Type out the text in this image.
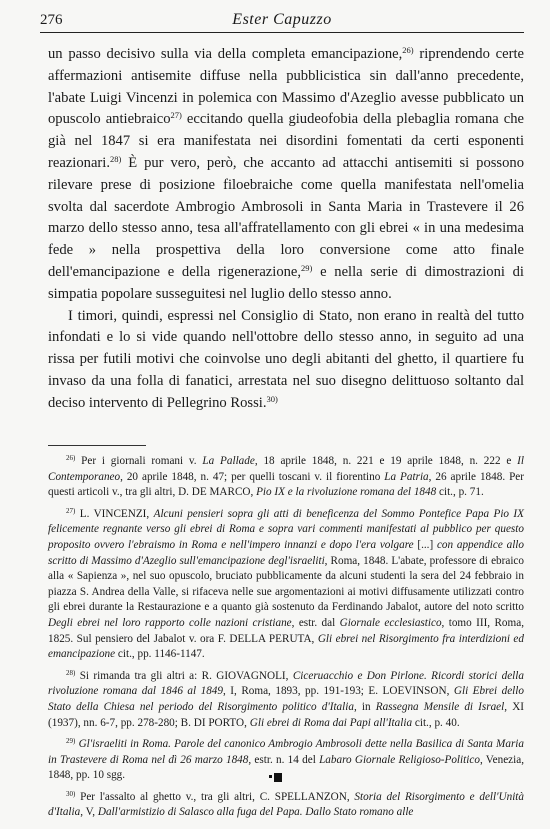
276	Ester Capuzzo

un passo decisivo sulla via della completa emancipazione,$^{26)}$ riprendendo certe affermazioni antisemite diffuse nella pubblicistica sin dall'anno precedente, l'abate Luigi Vincenzi in polemica con Massimo d'Azeglio avesse pubblicato un opuscolo antiebraico$^{27)}$ eccitando quella giudeofobia della plebaglia romana che già nel 1847 si era manifestata nei disordini fomentati da certi esponenti reazionari.$^{28)}$ È pur vero, però, che accanto ad attacchi antisemiti si possono rilevare prese di posizione filoebraiche come quella manifestata nell'omelia svolta dal sacerdote Ambrogio Ambrosoli in Santa Maria in Trastevere il 26 marzo dello stesso anno, tesa all'affratellamento con gli ebrei « in una medesima fede » nella prospettiva della loro conversione come atto finale dell'emancipazione e della rigenerazione,$^{29)}$ e nella serie di dimostrazioni di simpatia popolare susseguitesi nel luglio dello stesso anno.

I timori, quindi, espressi nel Consiglio di Stato, non erano in realtà del tutto infondati e lo si vide quando nell'ottobre dello stesso anno, in seguito ad una rissa per futili motivi che coinvolse uno degli abitanti del ghetto, il quartiere fu invaso da una folla di fanatici, arrestata nel suo disegno delittuoso soltanto dal deciso intervento di Pellegrino Rossi.$^{30)}$

$^{26)}$ Per i giornali romani v. La Pallade, 18 aprile 1848, n. 221 e 19 aprile 1848, n. 222 e Il Contemporaneo, 20 aprile 1848, n. 47; per quelli toscani v. il fiorentino La Patria, 26 aprile 1848. Per questi articoli v., tra gli altri, D. DE MARCO, Pio IX e la rivoluzione romana del 1848 cit., p. 71.

$^{27)}$ L. VINCENZI, Alcuni pensieri sopra gli atti di beneficenza del Sommo Pontefice Papa Pio IX felicemente regnante verso gli ebrei di Roma e sopra vari commenti manifestati al pubblico per questo proposito ovvero l'ebraismo in Roma e nell'impero innanzi e dopo l'era volgare [...] con appendice allo scritto di Massimo d'Azeglio sull'emancipazione degl'israeliti, Roma, 1848. L'abate, professore di ebraico alla « Sapienza », nel suo opuscolo, bruciato pubblicamente da alcuni studenti la sera del 24 febbraio in piazza S. Andrea della Valle, si rifaceva nelle sue argomentazioni ai motivi diffusamente utilizzati contro gli ebrei durante la Restaurazione e a quanto già sostenuto da Ferdinando Jabalot, autore del noto scritto Degli ebrei nel loro rapporto colle nazioni cristiane, estr. dal Giornale ecclesiastico, tomo III, Roma, 1825. Sul pensiero del Jabalot v. ora F. DELLA PERUTA, Gli ebrei nel Risorgimento fra interdizioni ed emancipazione cit., pp. 1146-1147.

$^{28)}$ Si rimanda tra gli altri a: R. GIOVAGNOLI, Ciceruacchio e Don Pirlone. Ricordi storici della rivoluzione romana dal 1846 al 1849, I, Roma, 1893, pp. 191-193; E. LOEVINSON, Gli Ebrei dello Stato della Chiesa nel periodo del Risorgimento politico d'Italia, in Rassegna Mensile di Israel, XI (1937), nn. 6-7, pp. 278-280; B. DI PORTO, Gli ebrei di Roma dai Papi all'Italia cit., p. 40.

$^{29)}$ Gl'israeliti in Roma. Parole del canonico Ambrogio Ambrosoli dette nella Basilica di Santa Maria in Trastevere di Roma nel dì 26 marzo 1848, estr. n. 14 del Labaro Giornale Religioso-Politico, Venezia, 1848, pp. 10 sgg.

$^{30)}$ Per l'assalto al ghetto v., tra gli altri, C. SPELLANZON, Storia del Risorgimento e dell'Unità d'Italia, V, Dall'armistizio di Salasco alla fuga del Papa. Dallo Stato romano alle
